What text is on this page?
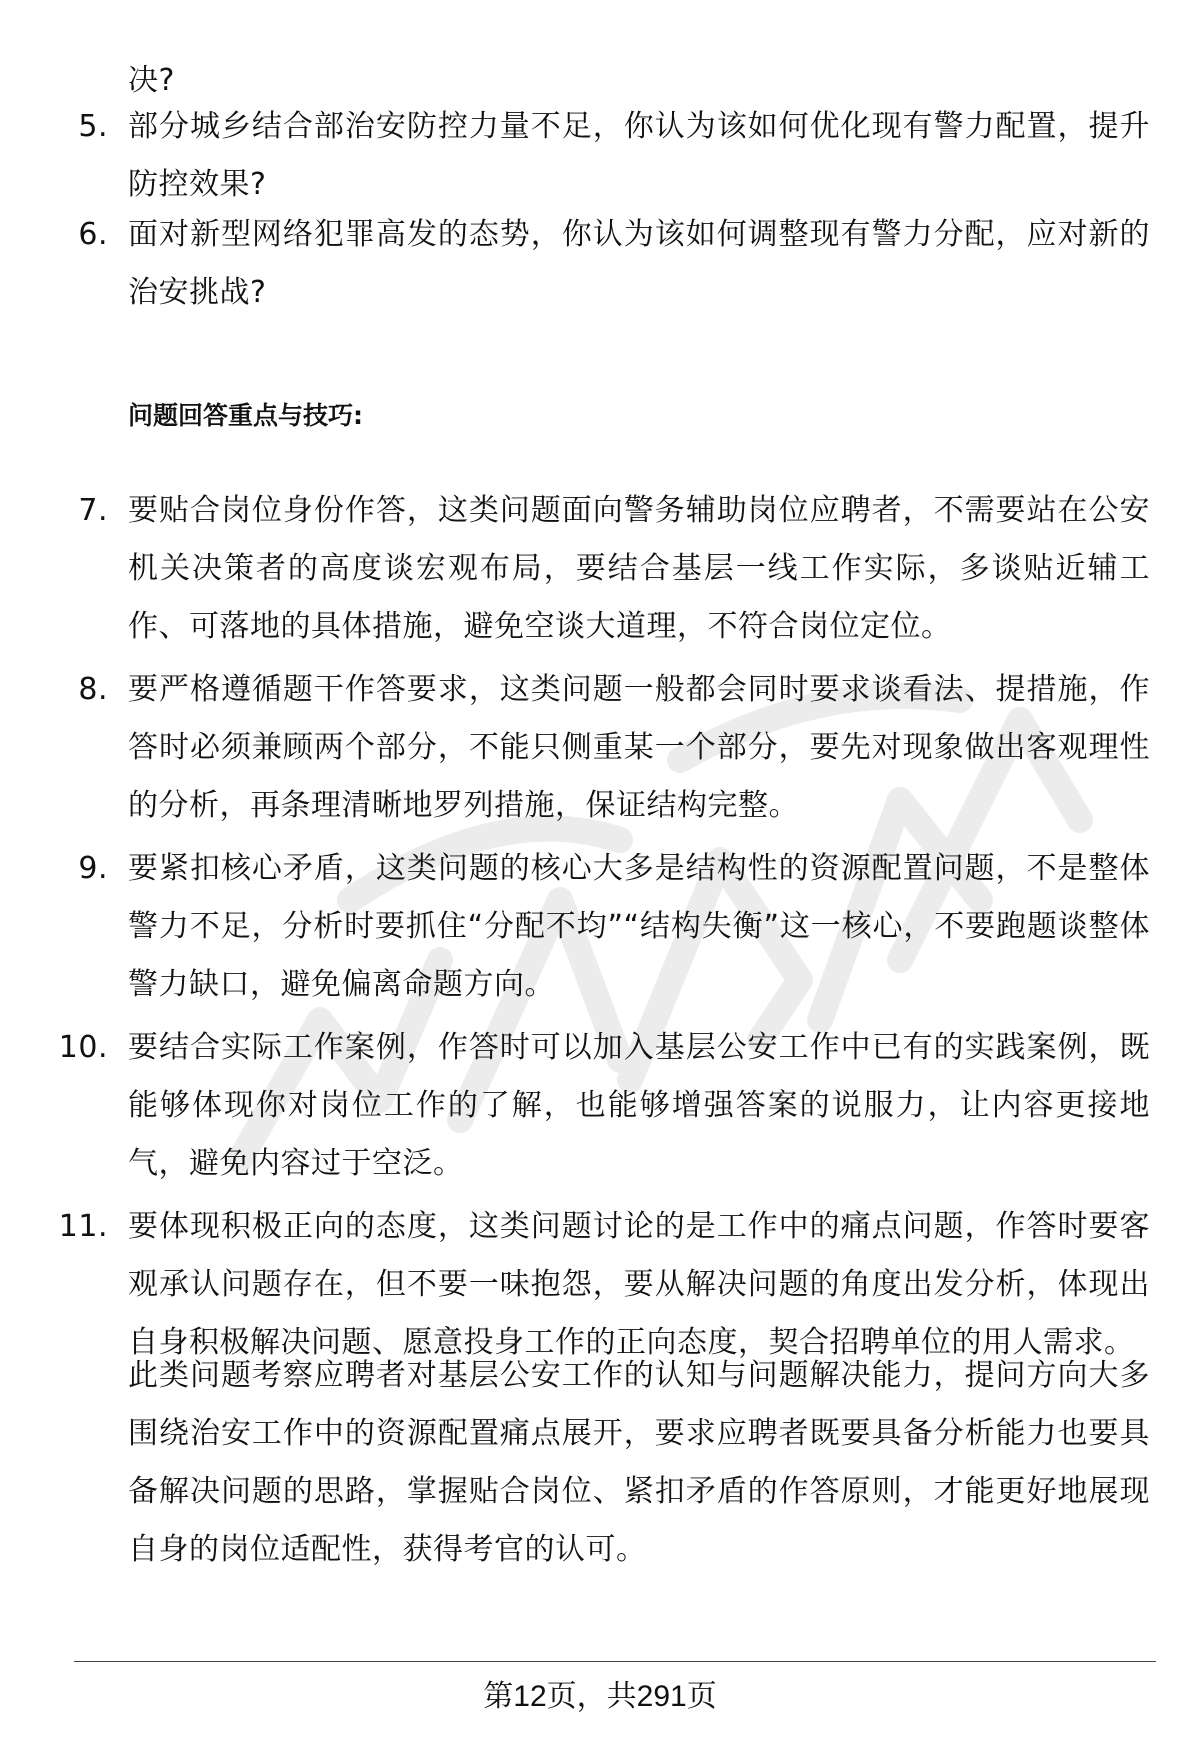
决?
5. 部分城乡结合部治安防控力量不足，你认为该如何优化现有警力配置，提升防控效果?
6. 面对新型网络犯罪高发的态势，你认为该如何调整现有警力分配，应对新的治安挑战?
问题回答重点与技巧:
7. 要贴合岗位身份作答，这类问题面向警务辅助岗位应聘者，不需要站在公安机关决策者的高度谈宏观布局，要结合基层一线工作实际，多谈贴近辅工作、可落地的具体措施，避免空谈大道理，不符合岗位定位。
8. 要严格遵循题干作答要求，这类问题一般都会同时要求谈看法、提措施，作答时必须兼顾两个部分，不能只侧重某一个部分，要先对现象做出客观理性的分析，再条理清晰地罗列措施，保证结构完整。
9. 要紧扣核心矛盾，这类问题的核心大多是结构性的资源配置问题，不是整体警力不足，分析时要抓住“分配不均”“结构失衡”这一核心，不要跑题谈整体警力缺口，避免偏离命题方向。
10. 要结合实际工作案例，作答时可以加入基层公安工作中已有的实践案例，既能够体现你对岗位工作的了解，也能够增强答案的说服力，让内容更接地气，避免内容过于空泛。
11. 要体现积极正向的态度，这类问题讨论的是工作中的痛点问题，作答时要客观承认问题存在，但不要一味抱怨，要从解决问题的角度出发分析，体现出自身积极解决问题、愿意投身工作的正向态度，契合招聘单位的用人需求。
此类问题考察应聘者对基层公安工作的认知与问题解决能力，提问方向大多围绕治安工作中的资源配置痛点展开，要求应聘者既要具备分析能力也要具备解决问题的思路，掌握贴合岗位、紧扣矛盾的作答原则，才能更好地展现自身的岗位适配性，获得考官的认可。
第12页，共291页
